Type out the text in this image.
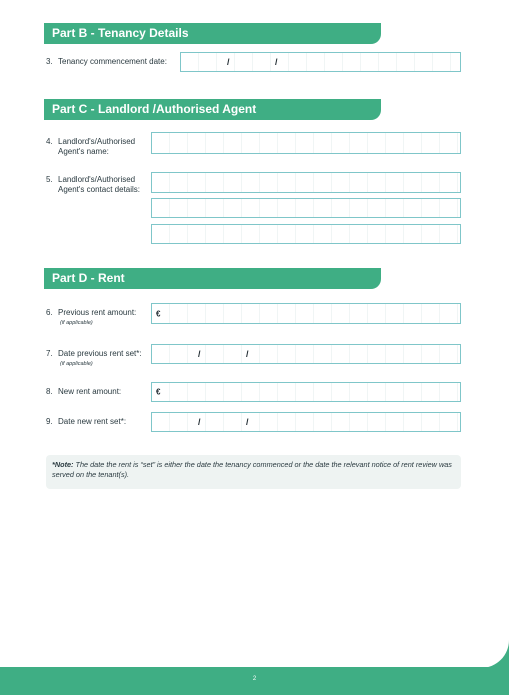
Part B - Tenancy Details
3. Tenancy commencement date:	/	/
Part C - Landlord /Authorised Agent
4. Landlord's/Authorised
Agent's name:
5. Landlord's/Authorised
Agent's contact details:
Part D - Rent
6. Previous rent amount:
(if applicable)
€
7. Date previous rent set*:
(if applicable)
/	/
8. New rent amount:	€
9. Date new rent set*:	/	/
*Note: The date the rent is “set” is either the date the tenancy commenced or the date the relevant notice of rent review was served on the tenant(s).
2
